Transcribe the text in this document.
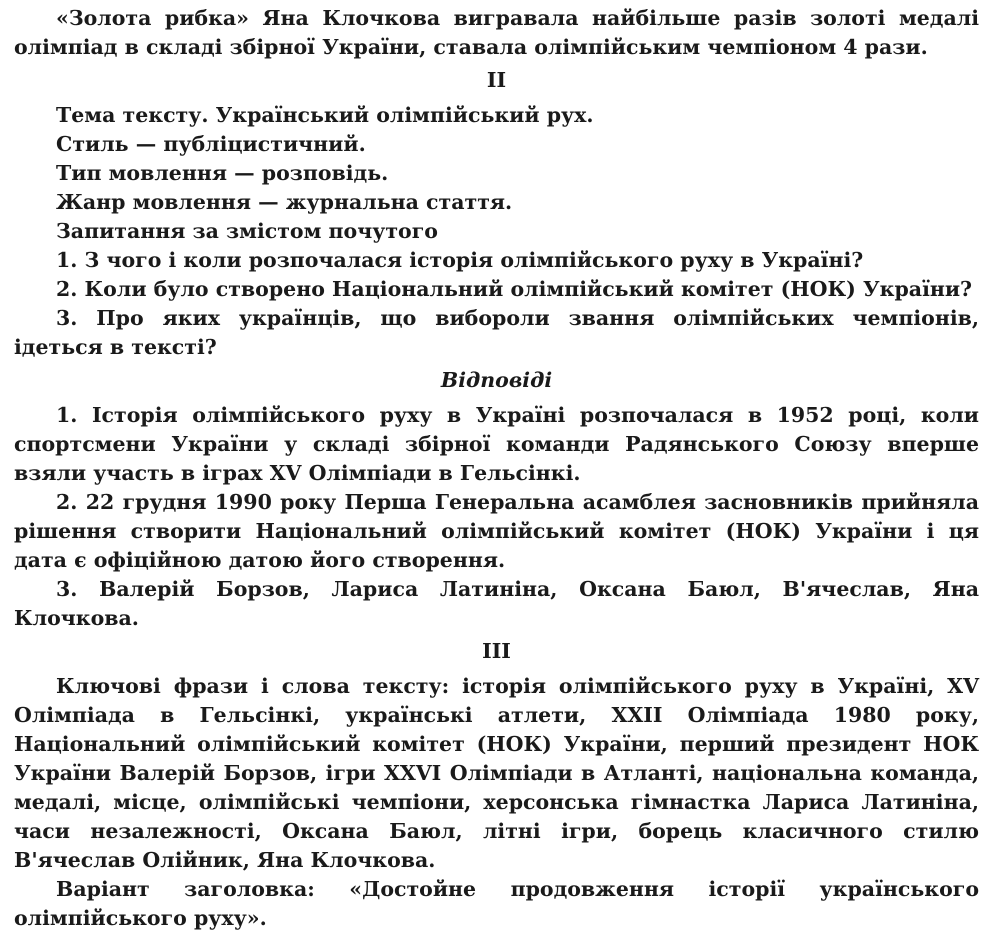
«Золота рибка» Яна Клочкова вигравала найбільше разів золоті медалі олімпіад в складі збірної України, ставала олімпійським чемпіоном 4 рази.

II

Тема тексту. Український олімпійський рух.

Стиль — публіцистичний.

Тип мовлення — розповідь.

Жанр мовлення — журнальна стаття.

Запитання за змістом почутого

1. З чого і коли розпочалася історія олімпійського руху в Україні?

2. Коли було створено Національний олімпійський комітет (НОК) України?

3. Про яких українців, що вибороли звання олімпійських чемпіонів, ідеться в тексті?

Відповіді

1. Історія олімпійського руху в Україні розпочалася в 1952 році, коли спортсмени України у складі збірної команди Радянського Союзу вперше взяли участь в іграх XV Олімпіади в Гельсінкі.

2. 22 грудня 1990 року Перша Генеральна асамблея засновників прийняла рішення створити Національний олімпійський комітет (НОК) України і ця дата є офіційною датою його створення.

3. Валерій Борзов, Лариса Латиніна, Оксана Баюл, В'ячеслав, Яна Клочкова.

III

Ключові фрази і слова тексту: історія олімпійського руху в Україні, XV Олімпіада в Гельсінкі, українські атлети, XXII Олімпіада 1980 року, Національний олімпійський комітет (НОК) України, перший президент НОК України Валерій Борзов, ігри XXVI Олімпіади в Атланті, національна команда, медалі, місце, олімпійські чемпіони, херсонська гімнастка Лариса Латиніна, часи незалежності, Оксана Баюл, літні ігри, борець класичного стилю В'ячеслав Олійник, Яна Клочкова.

Варіант заголовка: «Достойне продовження історії українського олімпійського руху».
